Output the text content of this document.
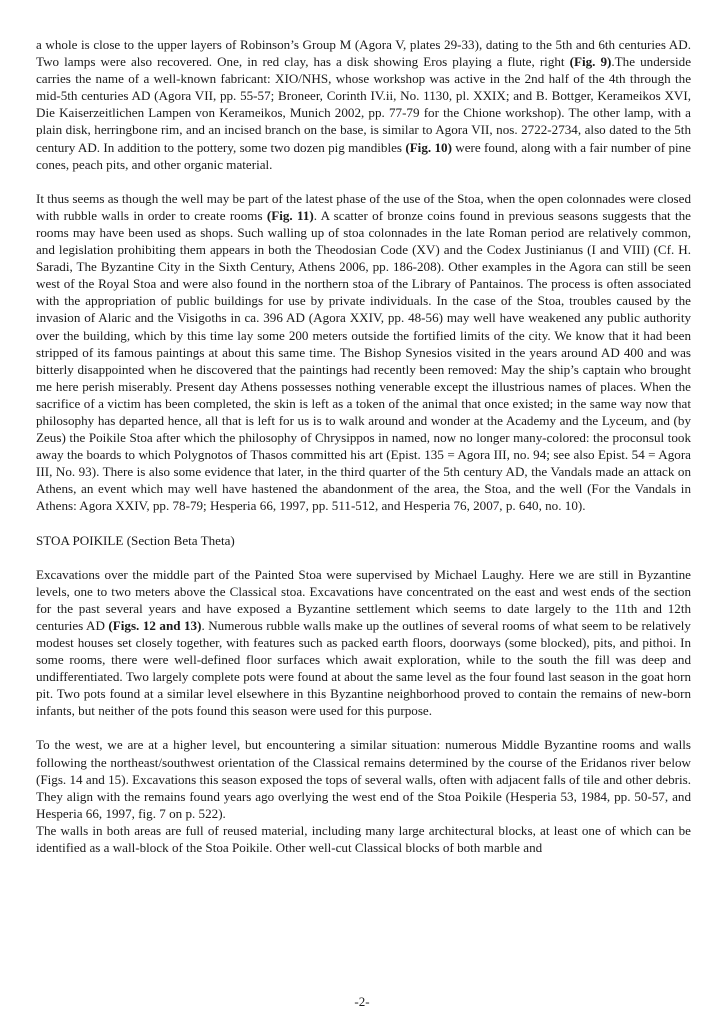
a whole is close to the upper layers of Robinson’s Group M (Agora V, plates 29-33), dating to the 5th and 6th centuries AD. Two lamps were also recovered. One, in red clay, has a disk showing Eros playing a flute, right (Fig. 9).The underside carries the name of a well-known fabricant: XIO/NHS, whose workshop was active in the 2nd half of the 4th through the mid-5th centuries AD (Agora VII, pp. 55-57; Broneer, Corinth IV.ii, No. 1130, pl. XXIX; and B. Bottger, Kerameikos XVI, Die Kaiserzeitlichen Lampen von Kerameikos, Munich 2002, pp. 77-79 for the Chione workshop). The other lamp, with a plain disk, herringbone rim, and an incised branch on the base, is similar to Agora VII, nos. 2722-2734, also dated to the 5th century AD. In addition to the pottery, some two dozen pig mandibles (Fig. 10) were found, along with a fair number of pine cones, peach pits, and other organic material.

It thus seems as though the well may be part of the latest phase of the use of the Stoa, when the open colonnades were closed with rubble walls in order to create rooms (Fig. 11). A scatter of bronze coins found in previous seasons suggests that the rooms may have been used as shops. Such walling up of stoa colonnades in the late Roman period are relatively common, and legislation prohibiting them appears in both the Theodosian Code (XV) and the Codex Justinianus (I and VIII) (Cf. H. Saradi, The Byzantine City in the Sixth Century, Athens 2006, pp. 186-208). Other examples in the Agora can still be seen west of the Royal Stoa and were also found in the northern stoa of the Library of Pantainos. The process is often associated with the appropriation of public buildings for use by private individuals. In the case of the Stoa, troubles caused by the invasion of Alaric and the Visigoths in ca. 396 AD (Agora XXIV, pp. 48-56) may well have weakened any public authority over the building, which by this time lay some 200 meters outside the fortified limits of the city. We know that it had been stripped of its famous paintings at about this same time. The Bishop Synesios visited in the years around AD 400 and was bitterly disappointed when he discovered that the paintings had recently been removed: May the ship’s captain who brought me here perish miserably. Present day Athens possesses nothing venerable except the illustrious names of places. When the sacrifice of a victim has been completed, the skin is left as a token of the animal that once existed; in the same way now that philosophy has departed hence, all that is left for us is to walk around and wonder at the Academy and the Lyceum, and (by Zeus) the Poikile Stoa after which the philosophy of Chrysippos in named, now no longer many-colored: the proconsul took away the boards to which Polygnotos of Thasos committed his art (Epist. 135 = Agora III, no. 94; see also Epist. 54 = Agora III, No. 93). There is also some evidence that later, in the third quarter of the 5th century AD, the Vandals made an attack on Athens, an event which may well have hastened the abandonment of the area, the Stoa, and the well (For the Vandals in Athens: Agora XXIV, pp. 78-79; Hesperia 66, 1997, pp. 511-512, and Hesperia 76, 2007, p. 640, no. 10).

STOA POIKILE (Section Beta Theta)

Excavations over the middle part of the Painted Stoa were supervised by Michael Laughy. Here we are still in Byzantine levels, one to two meters above the Classical stoa. Excavations have concentrated on the east and west ends of the section for the past several years and have exposed a Byzantine settlement which seems to date largely to the 11th and 12th centuries AD (Figs. 12 and 13). Numerous rubble walls make up the outlines of several rooms of what seem to be relatively modest houses set closely together, with features such as packed earth floors, doorways (some blocked), pits, and pithoi. In some rooms, there were well-defined floor surfaces which await exploration, while to the south the fill was deep and undifferentiated. Two largely complete pots were found at about the same level as the four found last season in the goat horn pit. Two pots found at a similar level elsewhere in this Byzantine neighborhood proved to contain the remains of new-born infants, but neither of the pots found this season were used for this purpose.

To the west, we are at a higher level, but encountering a similar situation: numerous Middle Byzantine rooms and walls following the northeast/southwest orientation of the Classical remains determined by the course of the Eridanos river below (Figs. 14 and 15). Excavations this season exposed the tops of several walls, often with adjacent falls of tile and other debris. They align with the remains found years ago overlying the west end of the Stoa Poikile (Hesperia 53, 1984, pp. 50-57, and Hesperia 66, 1997, fig. 7 on p. 522).

The walls in both areas are full of reused material, including many large architectural blocks, at least one of which can be identified as a wall-block of the Stoa Poikile. Other well-cut Classical blocks of both marble and

-2-
